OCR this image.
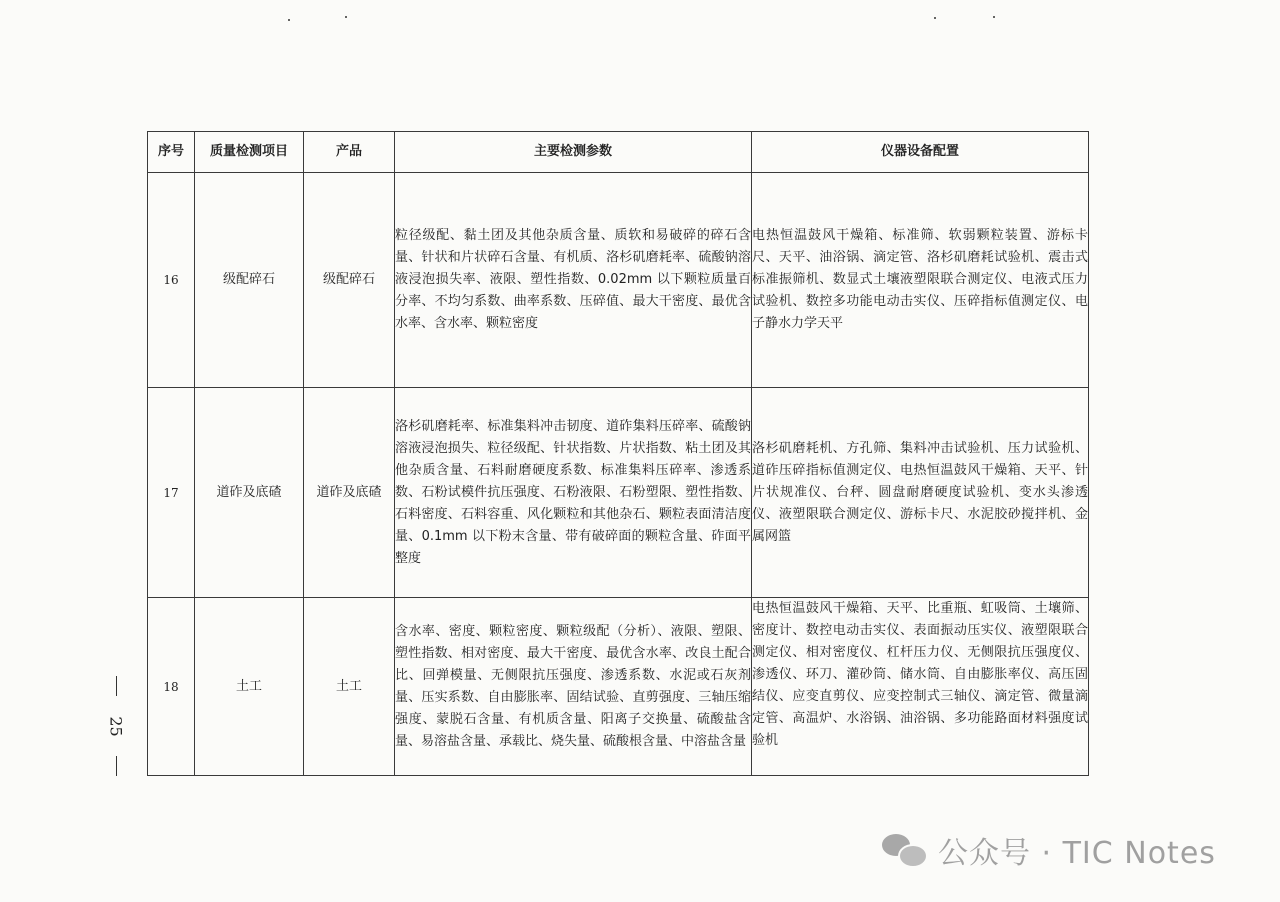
25
序号	质量检测项目	产品	主要检测参数	仪器设备配置
16	级配碎石	级配碎石	粒径级配、黏土团及其他杂质含量、质软和易破碎的碎石含量、针状和片状碎石含量、有机质、洛杉矶磨耗率、硫酸钠溶液浸泡损失率、液限、塑性指数、0.02mm 以下颗粒质量百分率、不均匀系数、曲率系数、压碎值、最大干密度、最优含水率、含水率、颗粒密度	电热恒温鼓风干燥箱、标准筛、软弱颗粒装置、游标卡尺、天平、油浴锅、滴定管、洛杉矶磨耗试验机、震击式标准振筛机、数显式土壤液塑限联合测定仪、电液式压力试验机、数控多功能电动击实仪、压碎指标值测定仪、电子静水力学天平
17	道砟及底碴	道砟及底碴	洛杉矶磨耗率、标准集料冲击韧度、道砟集料压碎率、硫酸钠溶液浸泡损失、粒径级配、针状指数、片状指数、粘土团及其他杂质含量、石料耐磨硬度系数、标准集料压碎率、渗透系数、石粉试模件抗压强度、石粉液限、石粉塑限、塑性指数、石料密度、石料容重、风化颗粒和其他杂石、颗粒表面清洁度量、0.1mm 以下粉末含量、带有破碎面的颗粒含量、砟面平整度	洛杉矶磨耗机、方孔筛、集料冲击试验机、压力试验机、道砟压碎指标值测定仪、电热恒温鼓风干燥箱、天平、针片状规准仪、台秤、圆盘耐磨硬度试验机、变水头渗透仪、液塑限联合测定仪、游标卡尺、水泥胶砂搅拌机、金属网篮
18	土工	土工	含水率、密度、颗粒密度、颗粒级配（分析）、液限、塑限、塑性指数、相对密度、最大干密度、最优含水率、改良土配合比、回弹模量、无侧限抗压强度、渗透系数、水泥或石灰剂量、压实系数、自由膨胀率、固结试验、直剪强度、三轴压缩强度、蒙脱石含量、有机质含量、阳离子交换量、硫酸盐含量、易溶盐含量、承载比、烧失量、硫酸根含量、中溶盐含量	电热恒温鼓风干燥箱、天平、比重瓶、虹吸筒、土壤筛、密度计、数控电动击实仪、表面振动压实仪、液塑限联合测定仪、相对密度仪、杠杆压力仪、无侧限抗压强度仪、渗透仪、环刀、灌砂筒、储水筒、自由膨胀率仪、高压固结仪、应变直剪仪、应变控制式三轴仪、滴定管、微量滴定管、高温炉、水浴锅、油浴锅、多功能路面材料强度试验机
公众号 · TIC Notes
